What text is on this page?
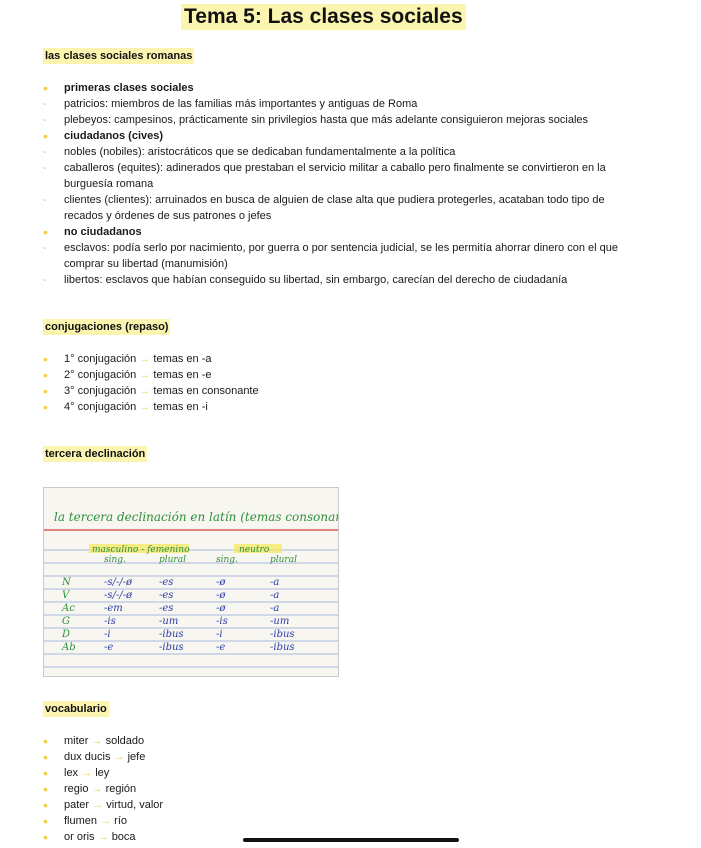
Tema 5: Las clases sociales
las clases sociales romanas
•	primeras clases sociales
-	patricios: miembros de las familias más importantes y antiguas de Roma
-	plebeyos: campesinos, prácticamente sin privilegios hasta que más adelante consiguieron mejoras sociales
•	ciudadanos (cives)
-	nobles (nobiles): aristocráticos que se dedicaban fundamentalmente a la política
-	caballeros (equites): adinerados que prestaban el servicio militar a caballo pero finalmente se convirtieron en la
burguesía romana
-	clientes (clientes): arruinados en busca de alguien de clase alta que pudiera protegerles, acataban todo tipo de
recados y órdenes de sus patrones o jefes
•	no ciudadanos
-	esclavos: podía serlo por nacimiento, por guerra o por sentencia judicial, se les permitía ahorrar dinero con el que
comprar su libertad (manumisión)
-	libertos: esclavos que habían conseguido su libertad, sin embargo, carecían del derecho de ciudadanía
conjugaciones (repaso)
•	1° conjugación → temas en -a
•	2° conjugación → temas en -e
•	3° conjugación → temas en consonante
•	4° conjugación → temas en -i
tercera declinación
la tercera declinación en latín (temas consonante)
masculino - femenino	neutro
sing.	plural	sing.	plural
N	-s/-/-ø	-es	-ø	-a
V	-s/-/-ø	-es	-ø	-a
Ac	-em	-es	-ø	-a
G	-is	-um	-is	-um
D	-i	-ibus	-i	-ibus
Ab	-e	-ibus	-e	-ibus
vocabulario
•	miter → soldado
•	dux ducis → jefe
•	lex → ley
•	regio → región
•	pater → virtud, valor
•	flumen → río
•	or oris → boca
